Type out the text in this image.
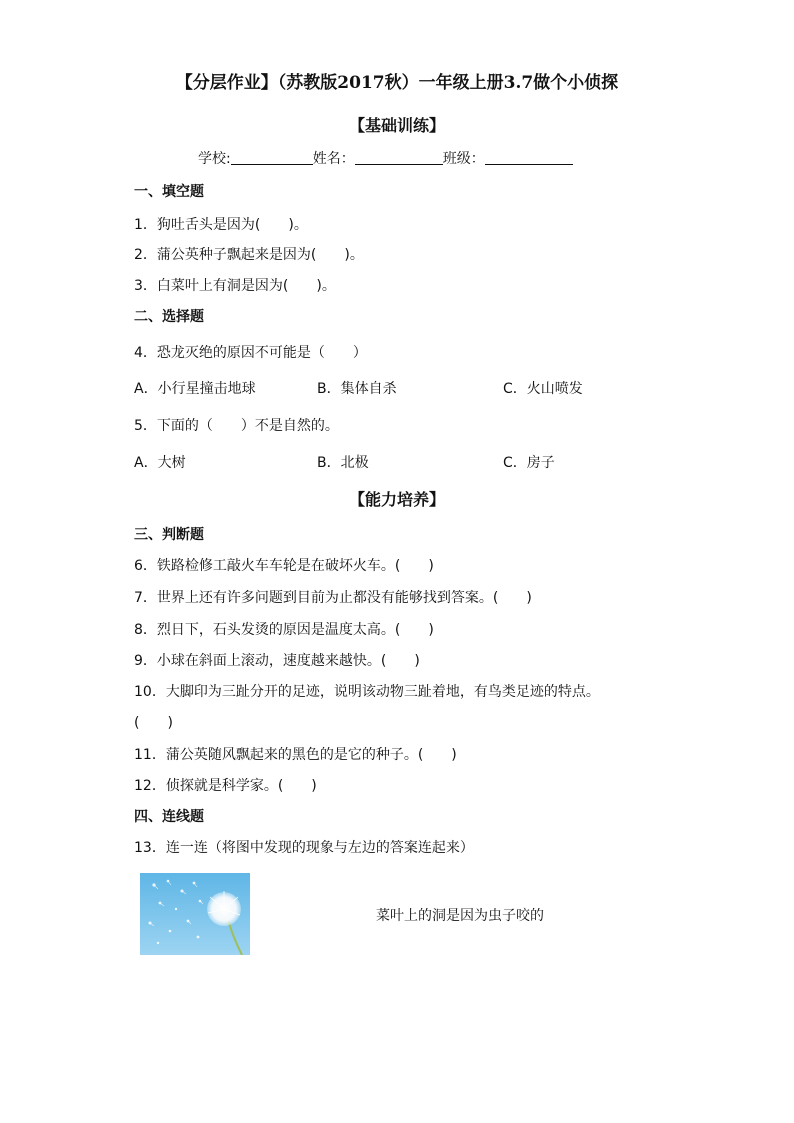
【分层作业】（苏教版2017秋）一年级上册3.7做个小侦探
【基础训练】
学校:	姓名：	班级：
一、填空题
1．狗吐舌头是因为(　　)。
2．蒲公英种子飘起来是因为(　　)。
3．白菜叶上有洞是因为(　　)。
二、选择题
4．恐龙灭绝的原因不可能是（　　）
A．小行星撞击地球	B．集体自杀	C．火山喷发
5．下面的（　　）不是自然的。
A．大树	B．北极	C．房子
【能力培养】
三、判断题
6．铁路检修工敲火车车轮是在破坏火车。(　　)
7．世界上还有许多问题到目前为止都没有能够找到答案。(　　)
8．烈日下，石头发烫的原因是温度太高。(　　)
9．小球在斜面上滚动，速度越来越快。(　　)
10．大脚印为三趾分开的足迹，说明该动物三趾着地，有鸟类足迹的特点。
(　　)
11．蒲公英随风飘起来的黑色的是它的种子。(　　)
12．侦探就是科学家。(　　)
四、连线题
13．连一连（将图中发现的现象与左边的答案连起来）
菜叶上的洞是因为虫子咬的
